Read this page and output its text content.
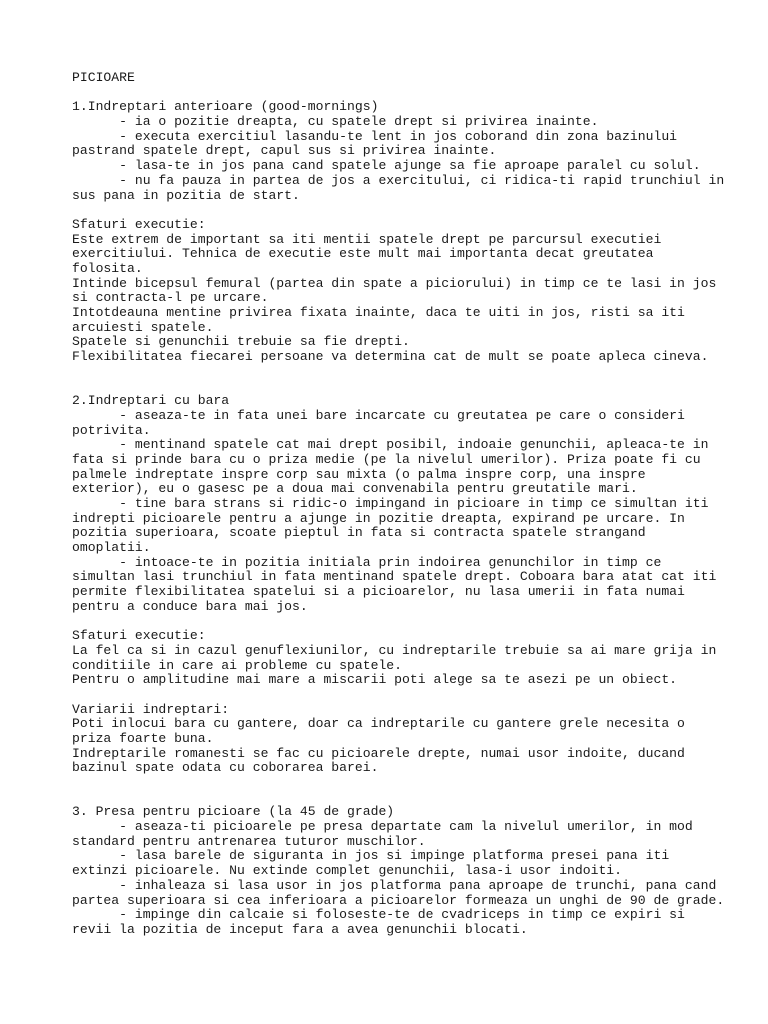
PICIOARE
1.Indreptari anterioare (good-mornings)
- ia o pozitie dreapta, cu spatele drept si privirea inainte.
- executa exercitiul lasandu-te lent in jos coborand din zona bazinului
pastrand spatele drept, capul sus si privirea inainte.
- lasa-te in jos pana cand spatele ajunge sa fie aproape paralel cu solul.
- nu fa pauza in partea de jos a exercitului, ci ridica-ti rapid trunchiul in
sus pana in pozitia de start.
Sfaturi executie:
Este extrem de important sa iti mentii spatele drept pe parcursul executiei
exercitiului. Tehnica de executie este mult mai importanta decat greutatea
folosita.
Intinde bicepsul femural (partea din spate a piciorului) in timp ce te lasi in jos
si contracta-l pe urcare.
Intotdeauna mentine privirea fixata inainte, daca te uiti in jos, risti sa iti
arcuiesti spatele.
Spatele si genunchii trebuie sa fie drepti.
Flexibilitatea fiecarei persoane va determina cat de mult se poate apleca cineva.
2.Indreptari cu bara
- aseaza-te in fata unei bare incarcate cu greutatea pe care o consideri
potrivita.
- mentinand spatele cat mai drept posibil, indoaie genunchii, apleaca-te in
fata si prinde bara cu o priza medie (pe la nivelul umerilor). Priza poate fi cu
palmele indreptate inspre corp sau mixta (o palma inspre corp, una inspre
exterior), eu o gasesc pe a doua mai convenabila pentru greutatile mari.
- tine bara strans si ridic-o impingand in picioare in timp ce simultan iti
indrepti picioarele pentru a ajunge in pozitie dreapta, expirand pe urcare. In
pozitia superioara, scoate pieptul in fata si contracta spatele strangand
omoplatii.
- intoace-te in pozitia initiala prin indoirea genunchilor in timp ce
simultan lasi trunchiul in fata mentinand spatele drept. Coboara bara atat cat iti
permite flexibilitatea spatelui si a picioarelor, nu lasa umerii in fata numai
pentru a conduce bara mai jos.
Sfaturi executie:
La fel ca si in cazul genuflexiunilor, cu indreptarile trebuie sa ai mare grija in
conditiile in care ai probleme cu spatele.
Pentru o amplitudine mai mare a miscarii poti alege sa te asezi pe un obiect.
Variarii indreptari:
Poti inlocui bara cu gantere, doar ca indreptarile cu gantere grele necesita o
priza foarte buna.
Indreptarile romanesti se fac cu picioarele drepte, numai usor indoite, ducand
bazinul spate odata cu coborarea barei.
3. Presa pentru picioare (la 45 de grade)
- aseaza-ti picioarele pe presa departate cam la nivelul umerilor, in mod
standard pentru antrenarea tuturor muschilor.
- lasa barele de siguranta in jos si impinge platforma presei pana iti
extinzi picioarele. Nu extinde complet genunchii, lasa-i usor indoiti.
- inhaleaza si lasa usor in jos platforma pana aproape de trunchi, pana cand
partea superioara si cea inferioara a picioarelor formeaza un unghi de 90 de grade.
- impinge din calcaie si foloseste-te de cvadriceps in timp ce expiri si
revii la pozitia de inceput fara a avea genunchii blocati.
